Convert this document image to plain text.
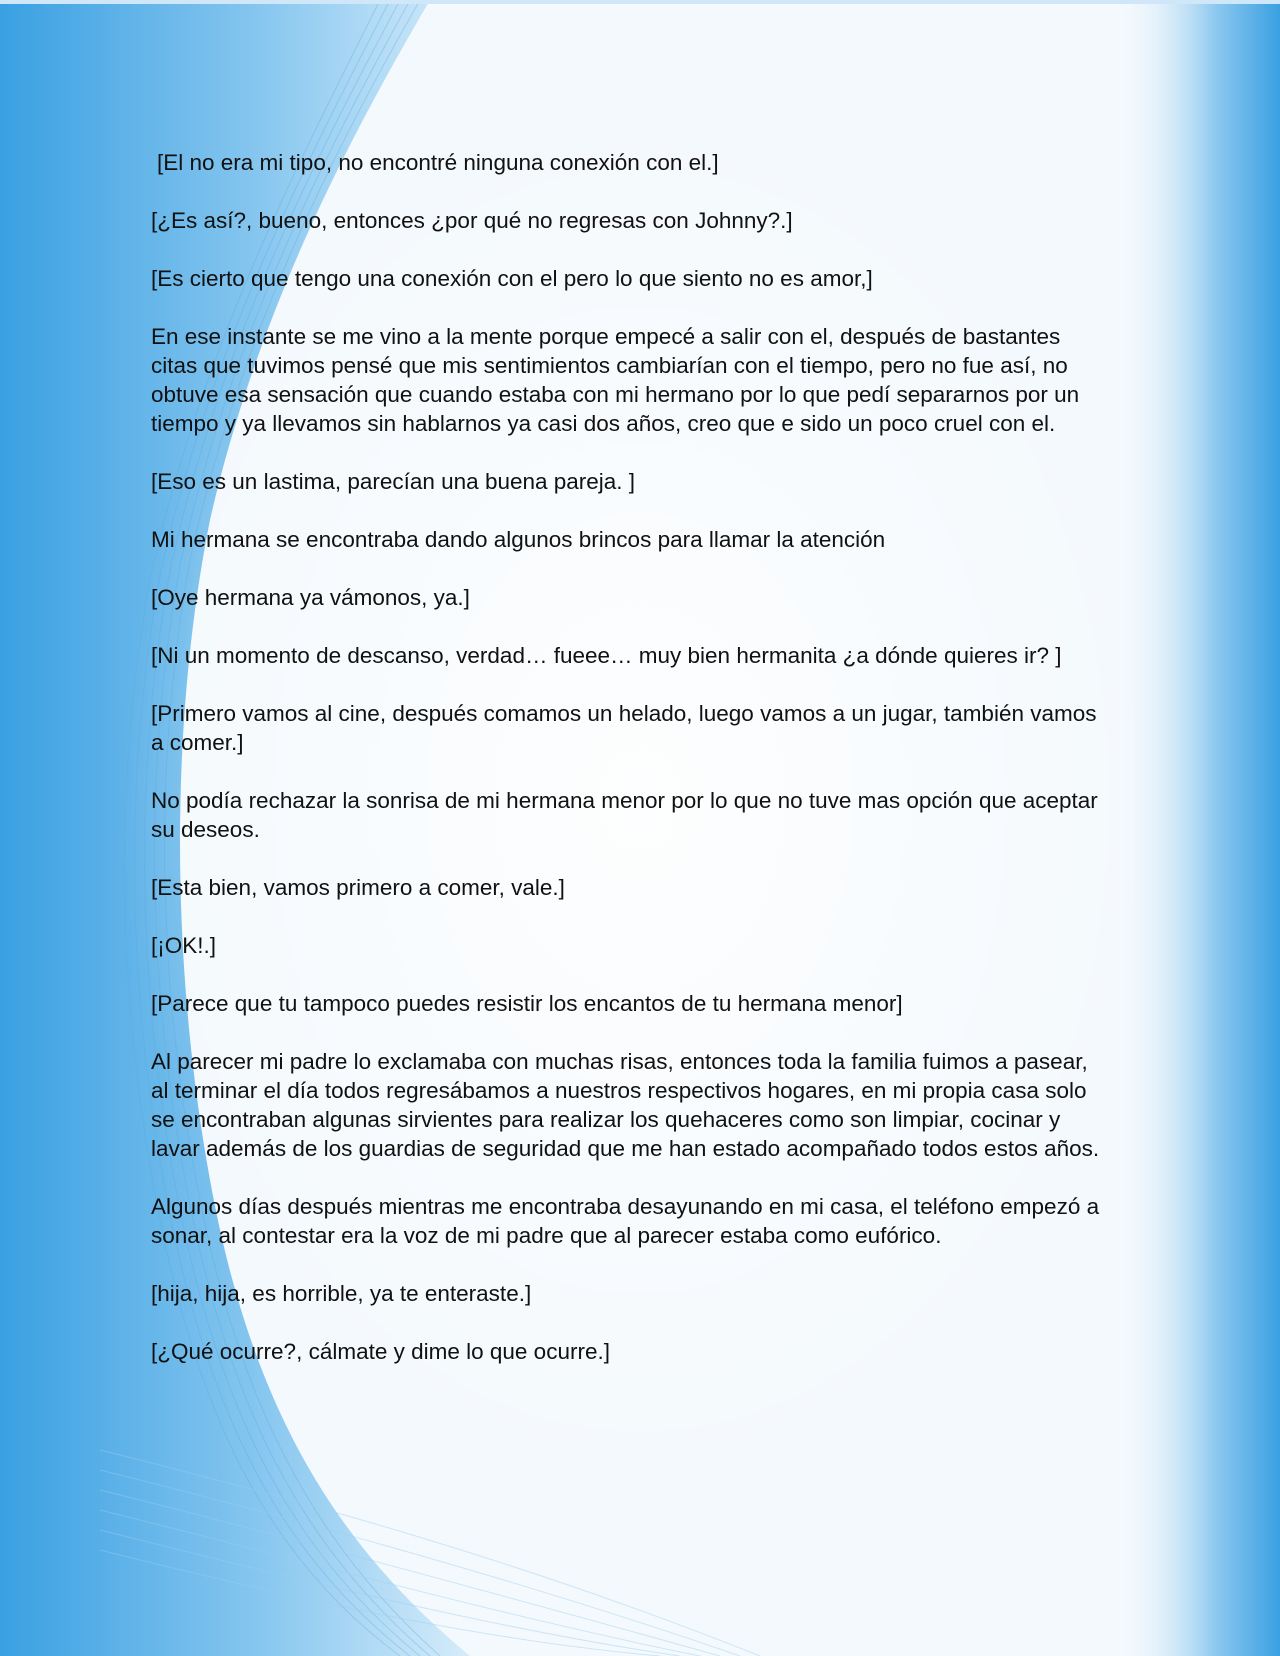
[El no era mi tipo, no encontré ninguna conexión con el.]

[¿Es así?, bueno, entonces ¿por qué no regresas con Johnny?.]

[Es cierto que tengo una conexión con el pero lo que siento no es amor,]

En ese instante se me vino a la mente porque empecé a salir con el, después de bastantes citas que tuvimos pensé que mis sentimientos cambiarían con el tiempo, pero no fue así, no obtuve esa sensación que cuando estaba con mi hermano por lo que pedí separarnos por un tiempo y ya llevamos sin hablarnos ya casi dos años, creo que e sido un poco cruel con el.

[Eso es un lastima, parecían una buena pareja. ]

Mi hermana se encontraba dando algunos brincos para llamar la atención

[Oye hermana ya vámonos, ya.]

[Ni un momento de descanso, verdad… fueee… muy bien hermanita ¿a dónde quieres ir? ]

[Primero vamos al cine, después comamos un helado, luego vamos a un jugar, también vamos a comer.]

No podía rechazar la sonrisa de mi hermana menor por lo que no tuve mas opción que aceptar su deseos.

[Esta bien, vamos primero a comer, vale.]

[¡OK!.]

[Parece que tu tampoco puedes resistir los encantos de tu hermana menor]

Al parecer mi padre lo exclamaba con muchas risas, entonces toda la familia fuimos a pasear, al terminar el día todos regresábamos a nuestros respectivos hogares, en mi propia casa solo se encontraban algunas sirvientes para realizar los quehaceres como son limpiar, cocinar y lavar además de los guardias de seguridad que me han estado acompañado todos estos años.

Algunos días después mientras me encontraba desayunando en mi casa, el teléfono empezó a sonar, al contestar era la voz de mi padre que al parecer estaba como eufórico.

[hija, hija, es horrible, ya te enteraste.]

[¿Qué ocurre?, cálmate y dime lo que ocurre.]
